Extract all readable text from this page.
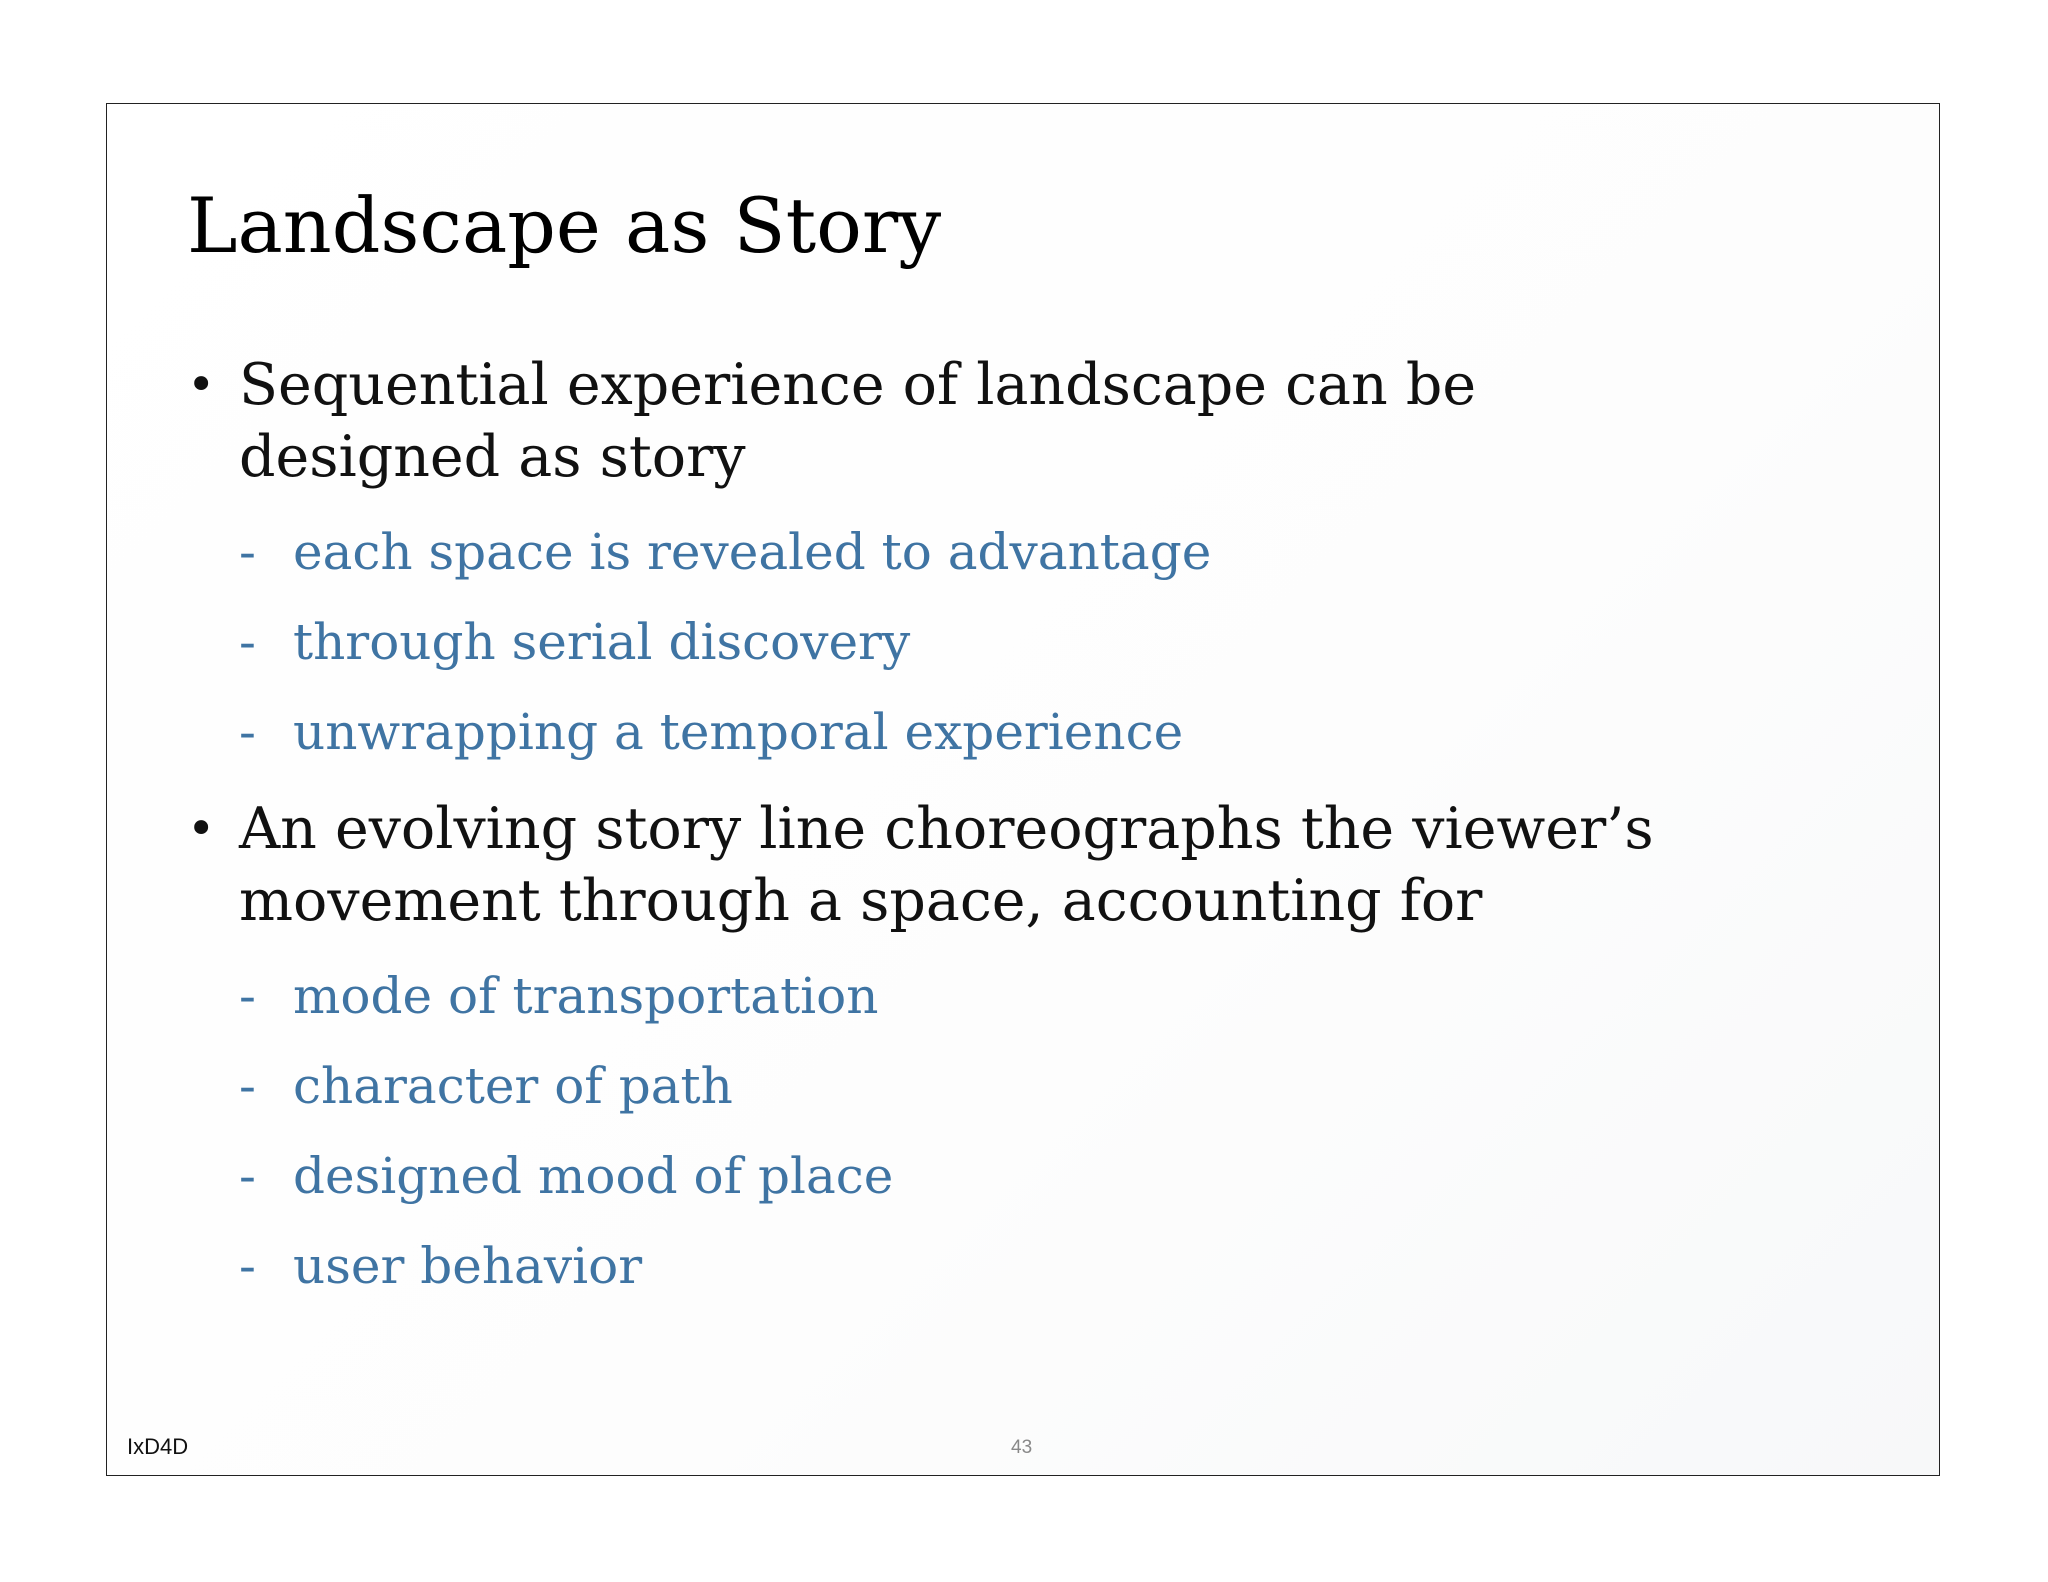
Landscape as Story
• Sequential experience of landscape can be designed as story
- each space is revealed to advantage
- through serial discovery
- unwrapping a temporal experience
• An evolving story line choreographs the viewer’s movement through a space, accounting for
- mode of transportation
- character of path
- designed mood of place
- user behavior
IxD4D	43
